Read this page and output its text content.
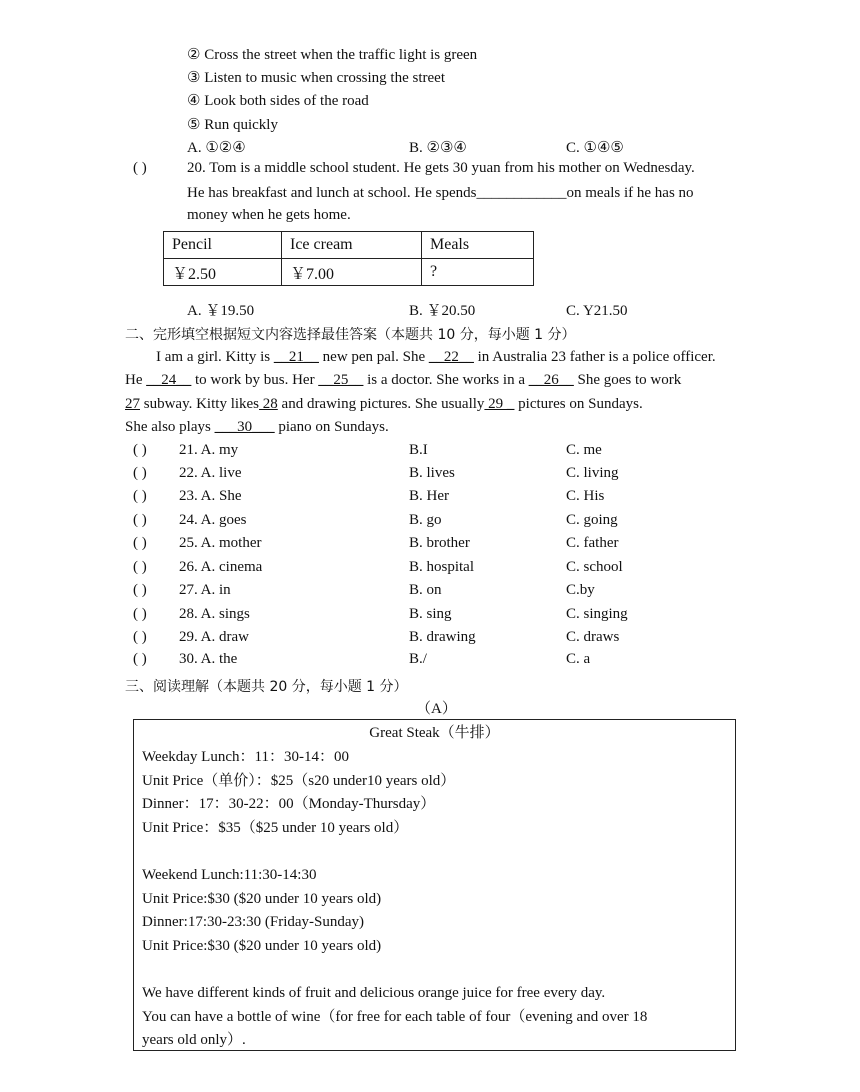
② Cross the street when the traffic light is green
③ Listen to music when crossing the street
④ Look both sides of the road
⑤ Run quickly
A. ①②④	B. ②③④	C. ①④⑤
( )	20. Tom is a middle school student. He gets 30 yuan from his mother on Wednesday.
He has breakfast and lunch at school. He spends____________on meals if he has no
money when he gets home.
Pencil	Ice cream	Meals
￥2.50	￥7.00	?
A. ￥19.50	B. ￥20.50	C. Y21.50
二、完形填空根据短文内容选择最佳答案（本题共 10 分，每小题 1 分）
I am a girl. Kitty is __21__ new pen pal. She __22__ in Australia 23 father is a police officer.
He __24__ to work by bus. Her __25__ is a doctor. She works in a __26__ She goes to work
27 subway. Kitty likes 28 and drawing pictures. She usually 29 _ pictures on Sundays.
She also plays ___30___ piano on Sundays.
( ) 21. A. my	B.I	C. me
( ) 22. A. live	B. lives	C. living
( ) 23. A. She	B. Her	C. His
( ) 24. A. goes	B. go	C. going
( ) 25. A. mother	B. brother	C. father
( ) 26. A. cinema	B. hospital	C. school
( ) 27. A. in	B. on	C.by
( ) 28. A. sings	B. sing	C. singing
( ) 29. A. draw	B. drawing	C. draws
( ) 30. A. the	B./	C. a
三、阅读理解（本题共 20 分，每小题 1 分）
（A）
Great Steak（牛排）
Weekday Lunch：11：30-14：00
Unit Price（单价）：$25（s20 under10 years old）
Dinner：17：30-22：00（Monday-Thursday）
Unit Price：$35（$25 under 10 years old）
Weekend Lunch:11:30-14:30
Unit Price:$30 ($20 under 10 years old)
Dinner:17:30-23:30 (Friday-Sunday)
Unit Price:$30 ($20 under 10 years old)
We have different kinds of fruit and delicious orange juice for free every day.
You can have a bottle of wine（for free for each table of four（evening and over 18
years old only）.
